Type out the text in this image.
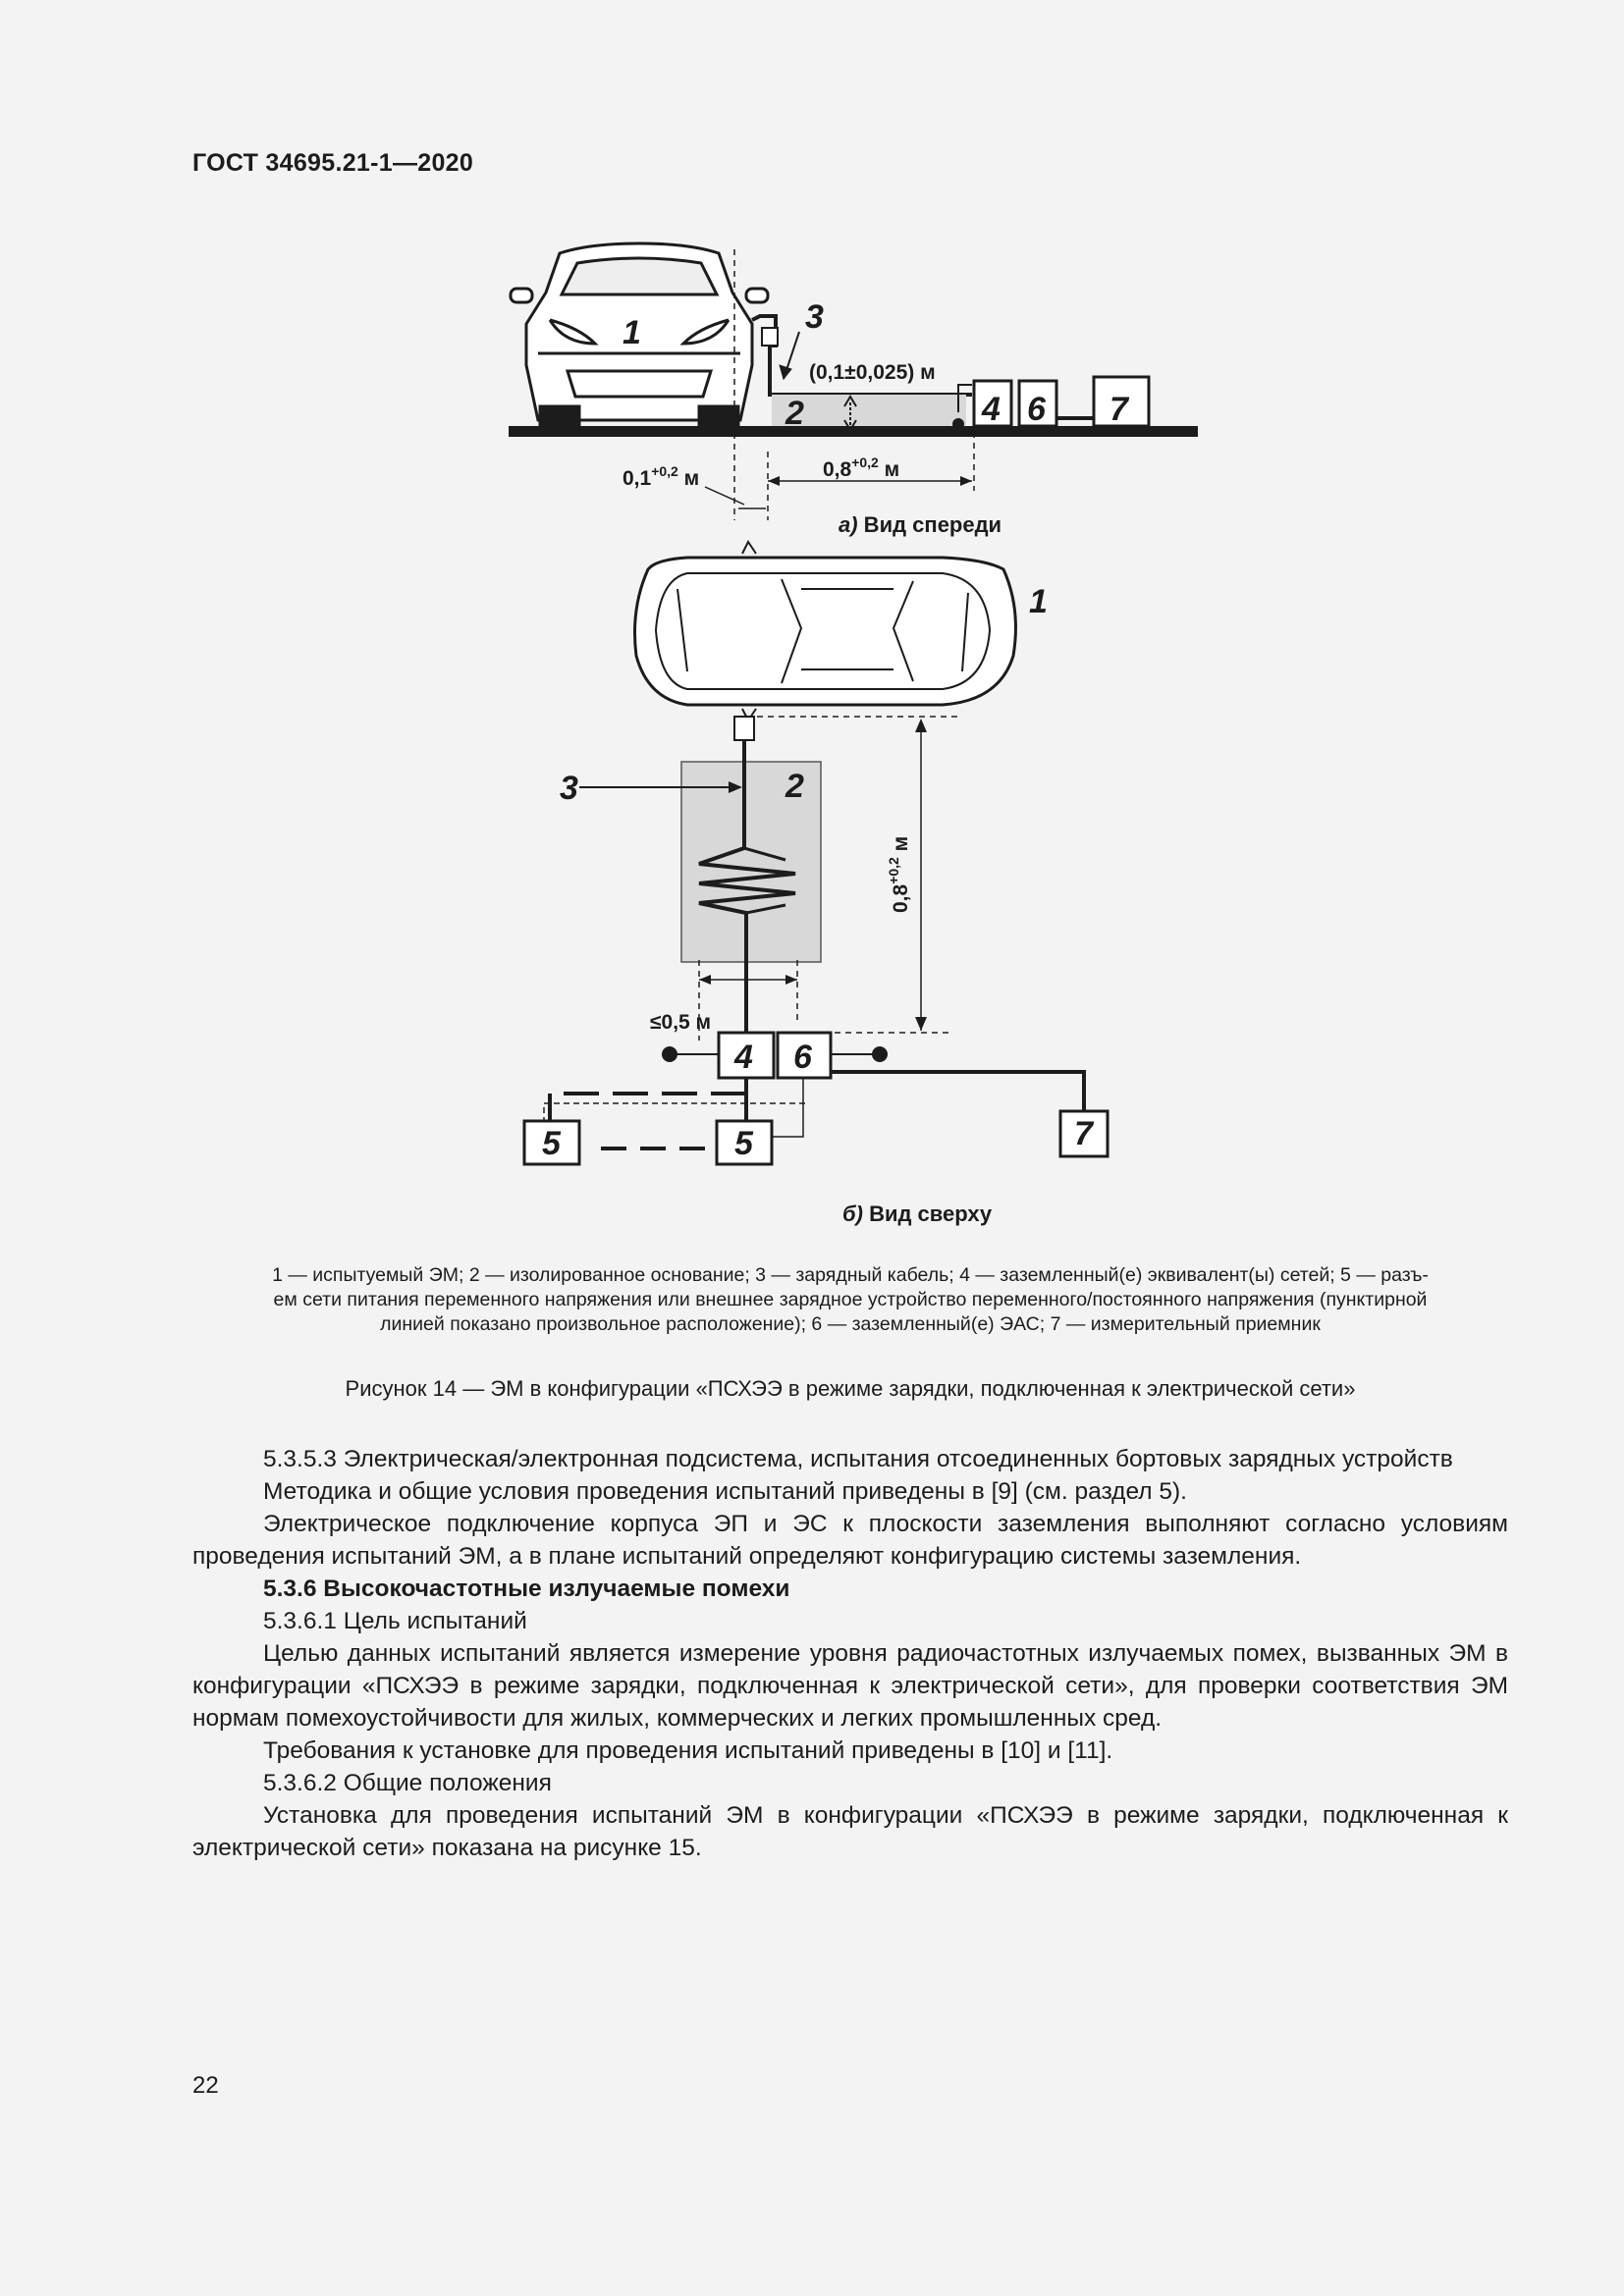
ГОСТ 34695.21-1—2020
1
2
3
4 6 7
(0,1±0,025) м
$0,1^{+0,2}$ м	$0,8^{+0,2}$ м
а) Вид спереди
1
2
3
4 6
5	5	7
$0,8^{+0,2}$ м
≤0,5 м
б) Вид сверху

1 — испытуемый ЭМ; 2 — изолированное основание; 3 — зарядный кабель; 4 — заземленный(е) эквивалент(ы) сетей; 5 — разъ-

ем сети питания переменного напряжения или внешнее зарядное устройство переменного/постоянного напряжения (пунктирной

линией показано произвольное расположение); 6 — заземленный(е) ЭАС; 7 — измерительный приемник

Рисунок 14 — ЭМ в конфигурации «ПСХЭЭ в режиме зарядки, подключенная к электрической сети»

5.3.5.3 Электрическая/электронная подсистема, испытания отсоединенных бортовых зарядных устройств

Методика и общие условия проведения испытаний приведены в [9] (см. раздел 5).

Электрическое подключение корпуса ЭП и ЭС к плоскости заземления выполняют согласно условиям проведения испытаний ЭМ, а в плане испытаний определяют конфигурацию системы заземления.

5.3.6 Высокочастотные излучаемые помехи

5.3.6.1 Цель испытаний

Целью данных испытаний является измерение уровня радиочастотных излучаемых помех, вызванных ЭМ в конфигурации «ПСХЭЭ в режиме зарядки, подключенная к электрической сети», для проверки соответствия ЭМ нормам помехоустойчивости для жилых, коммерческих и легких промышленных сред.

Требования к установке для проведения испытаний приведены в [10] и [11].

5.3.6.2 Общие положения

Установка для проведения испытаний ЭМ в конфигурации «ПСХЭЭ в режиме зарядки, подключенная к электрической сети» показана на рисунке 15.

22
